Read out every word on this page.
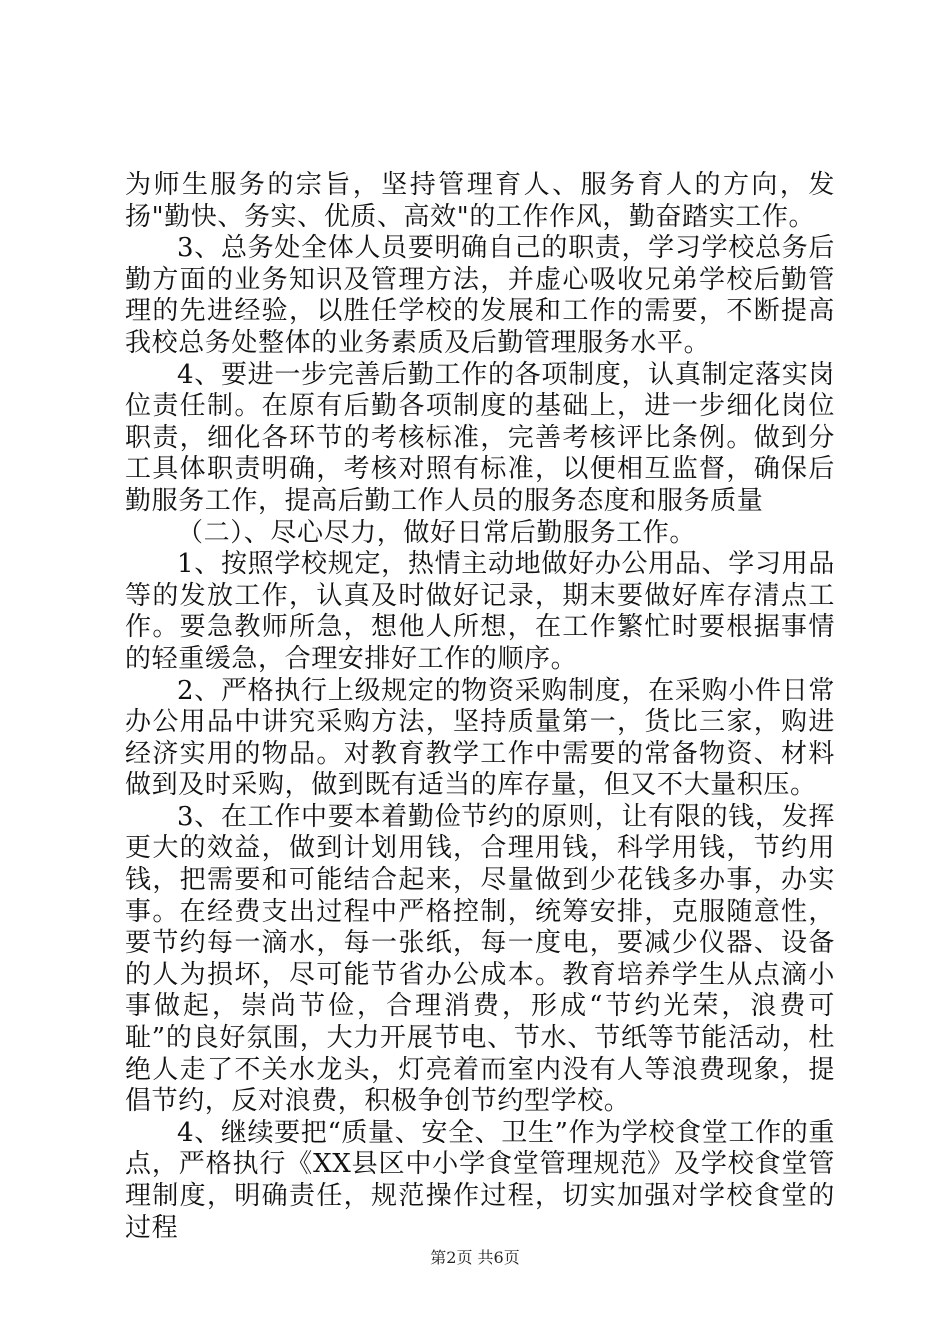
为师生服务的宗旨，坚持管理育人、服务育人的方向，发扬"勤快、务实、优质、高效"的工作作风，勤奋踏实工作。

3、总务处全体人员要明确自己的职责，学习学校总务后勤方面的业务知识及管理方法，并虚心吸收兄弟学校后勤管理的先进经验，以胜任学校的发展和工作的需要，不断提高我校总务处整体的业务素质及后勤管理服务水平。

4、要进一步完善后勤工作的各项制度，认真制定落实岗位责任制。在原有后勤各项制度的基础上，进一步细化岗位职责，细化各环节的考核标准，完善考核评比条例。做到分工具体职责明确，考核对照有标准，以便相互监督，确保后勤服务工作，提高后勤工作人员的服务态度和服务质量

（二）、尽心尽力，做好日常后勤服务工作。

1、按照学校规定，热情主动地做好办公用品、学习用品等的发放工作，认真及时做好记录，期末要做好库存清点工作。要急教师所急，想他人所想，在工作繁忙时要根据事情的轻重缓急，合理安排好工作的顺序。

2、严格执行上级规定的物资采购制度，在采购小件日常办公用品中讲究采购方法，坚持质量第一，货比三家，购进经济实用的物品。对教育教学工作中需要的常备物资、材料做到及时采购，做到既有适当的库存量，但又不大量积压。

3、在工作中要本着勤俭节约的原则，让有限的钱，发挥更大的效益，做到计划用钱，合理用钱，科学用钱，节约用钱，把需要和可能结合起来，尽量做到少花钱多办事，办实事。在经费支出过程中严格控制，统筹安排，克服随意性，要节约每一滴水，每一张纸，每一度电，要减少仪器、设备的人为损坏，尽可能节省办公成本。教育培养学生从点滴小事做起，崇尚节俭，合理消费，形成“节约光荣，浪费可耻”的良好氛围，大力开展节电、节水、节纸等节能活动，杜绝人走了不关水龙头，灯亮着而室内没有人等浪费现象，提倡节约，反对浪费，积极争创节约型学校。

4、继续要把“质量、安全、卫生”作为学校食堂工作的重点，严格执行《XX县区中小学食堂管理规范》及学校食堂管理制度，明确责任，规范操作过程，切实加强对学校食堂的过程

第2页 共6页
